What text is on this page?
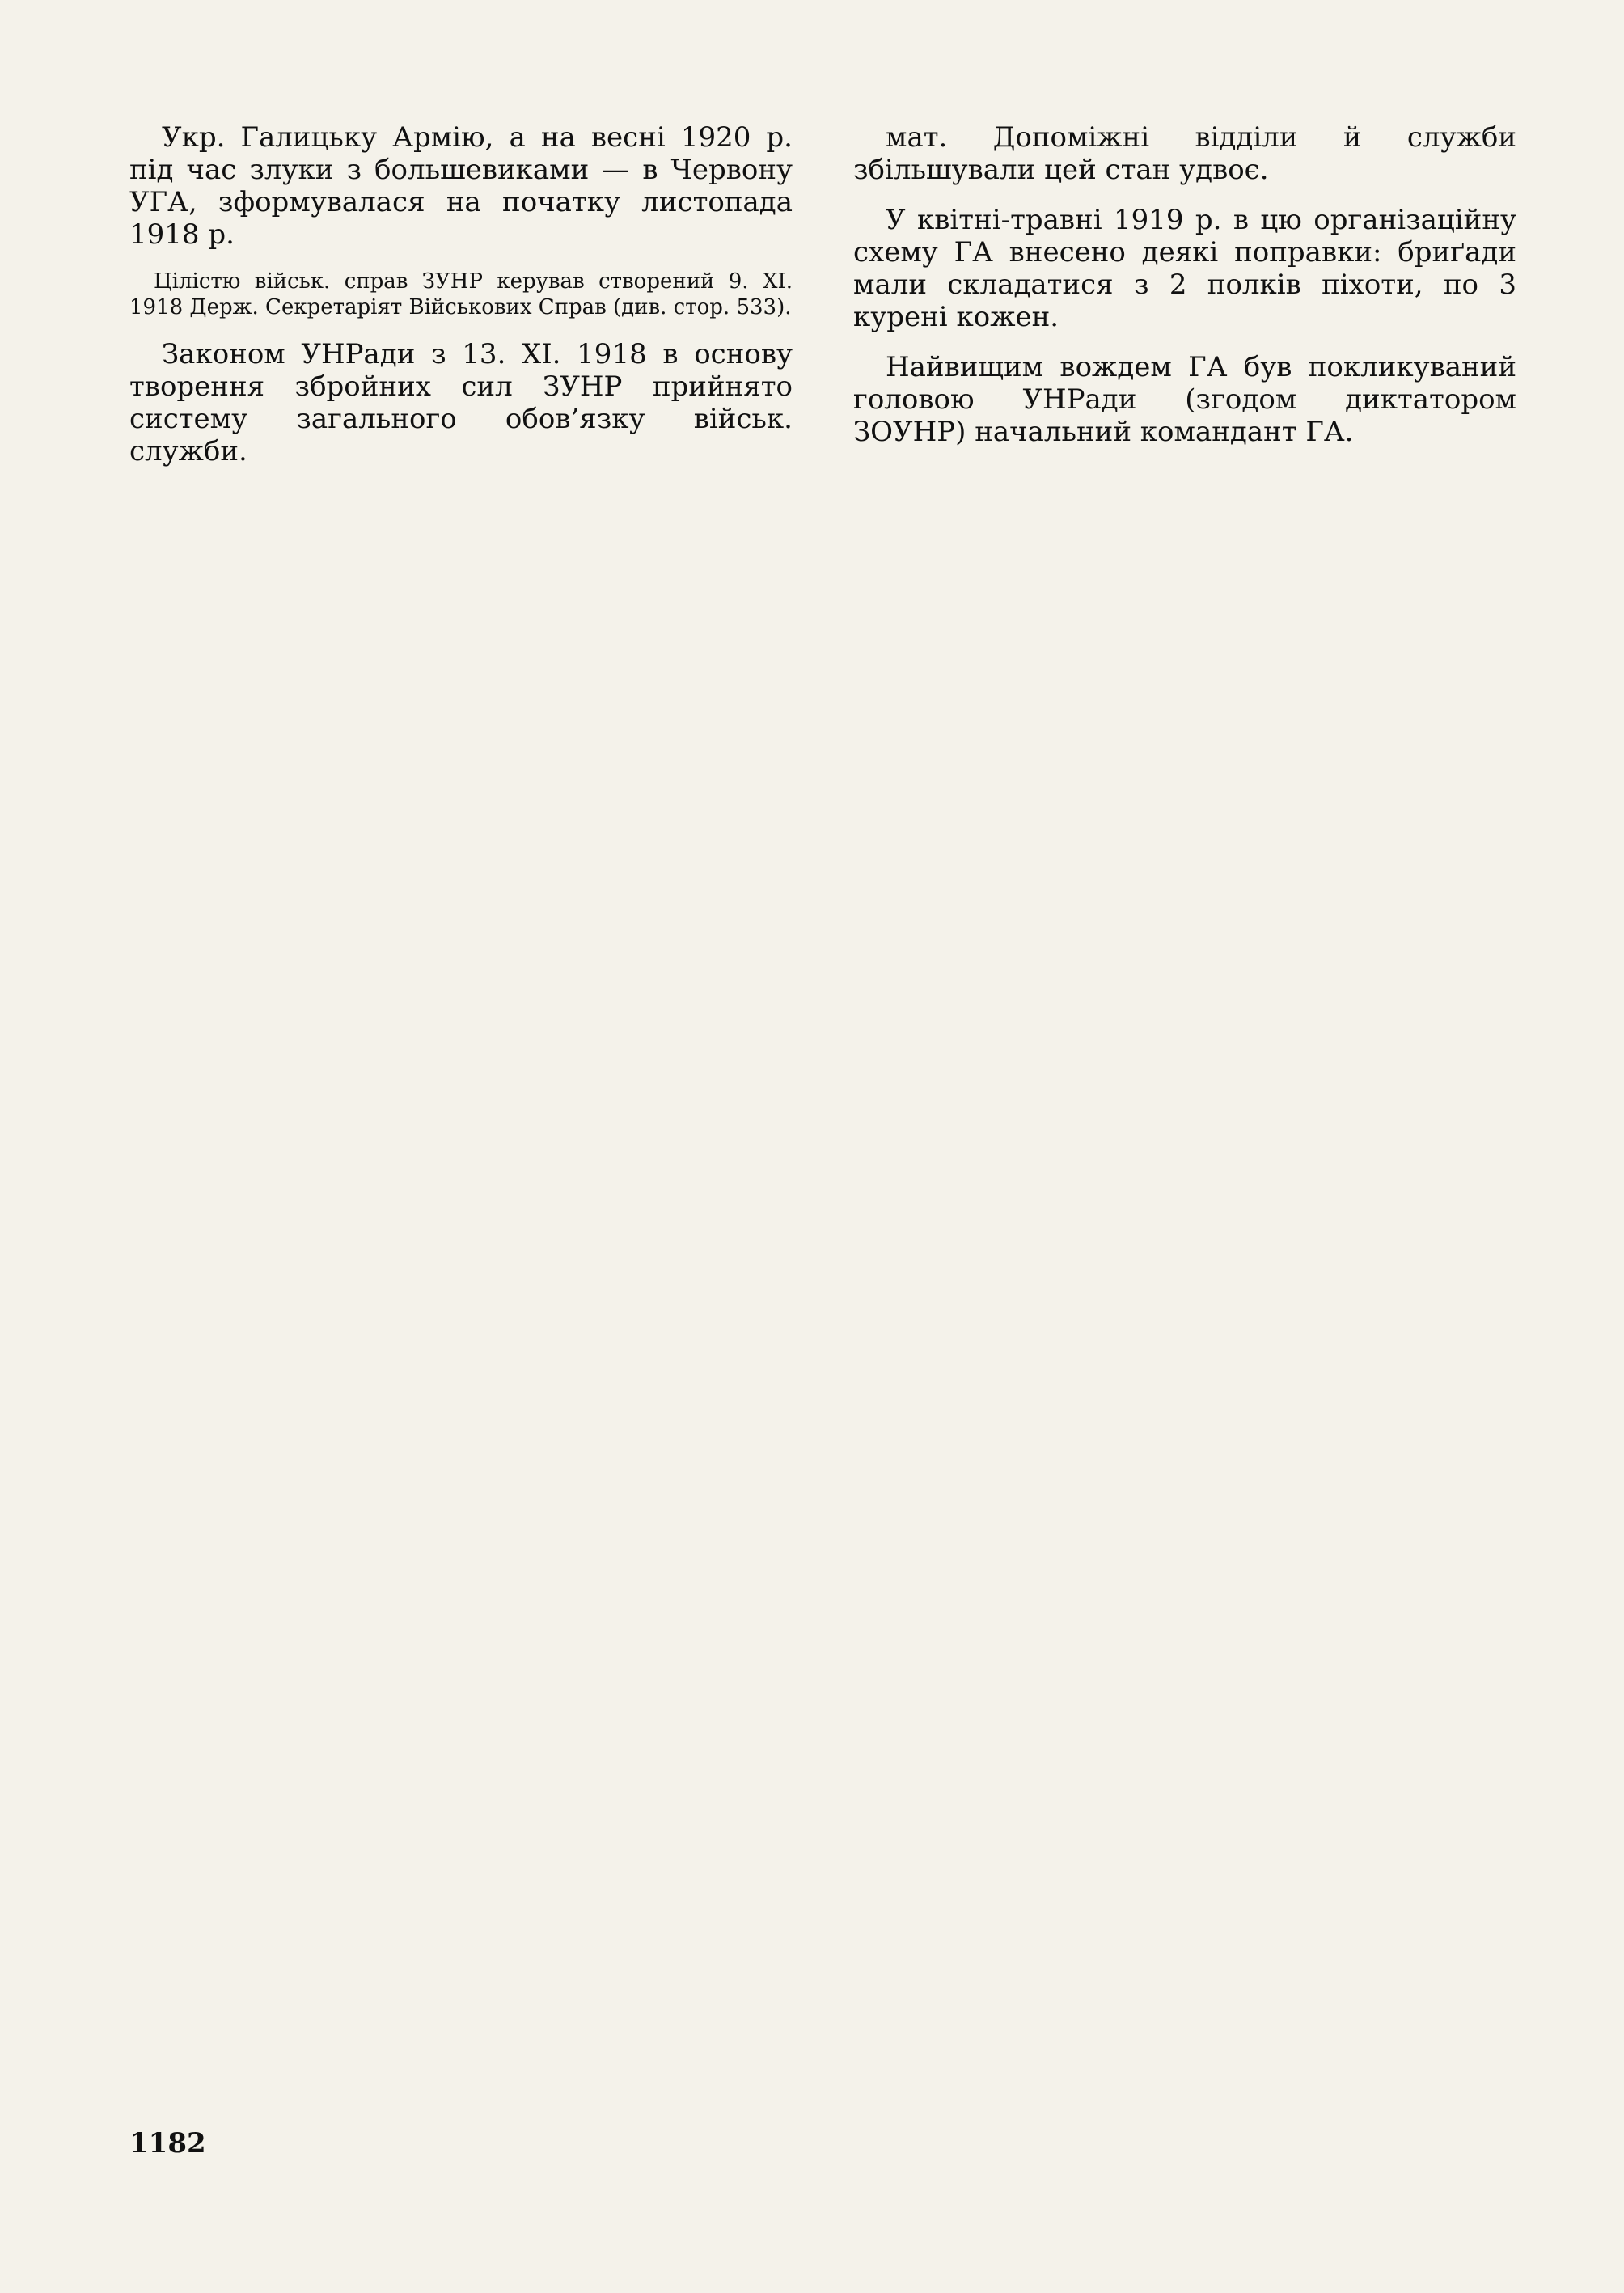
Укр. Галицьку Армію, а на весні 1920 р. під час злуки з большевиками — в Червону УГА, зформувалася на початку листопада 1918 р.

Цілістю військ. справ ЗУНР керував створений 9. XI. 1918 Держ. Секретаріят Військових Справ (див. стор. 533).

Законом УНРади з 13. XI. 1918 в основу творення збройних сил ЗУНР прийнято систему загального обов’язку військ. служби.

мат. Допоміжні відділи й служби збільшували цей стан удвоє.

У квітні-травні 1919 р. в цю організаційну схему ГА внесено деякі поправки: бриґади мали складатися з 2 полків піхоти, по 3 курені кожен.

Найвищим вождем ГА був покликуваний головою УНРади (згодом диктатором ЗОУНР) начальний командант ГА.

1182
